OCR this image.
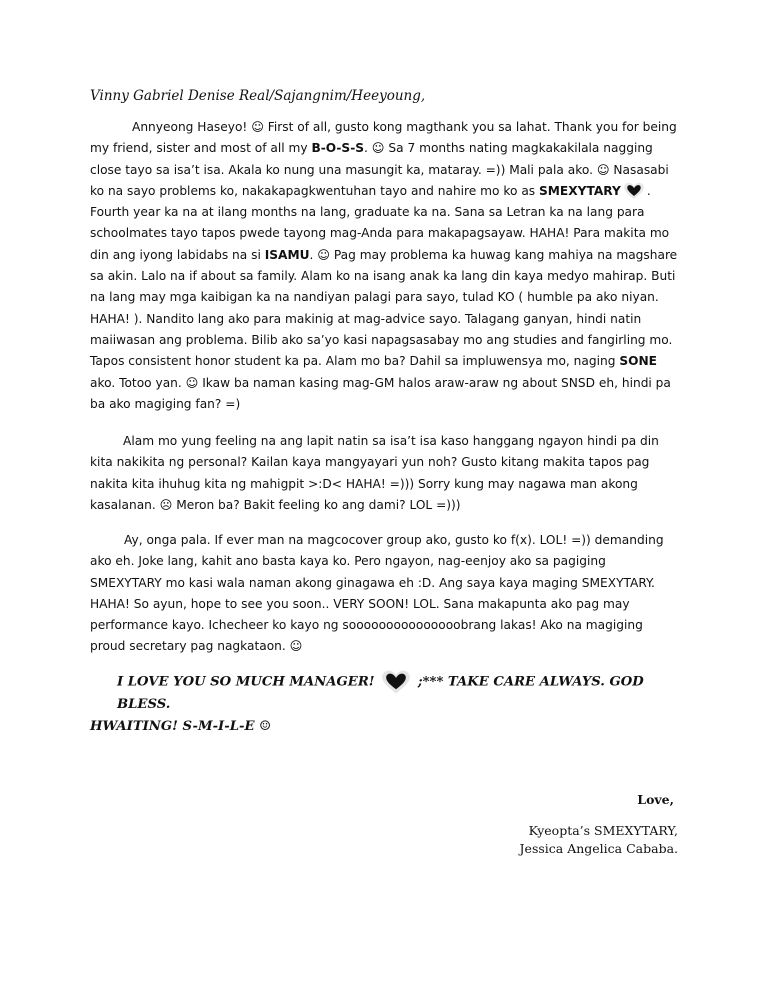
Vinny Gabriel Denise Real/Sajangnim/Heeyoung,

Annyeong Haseyo! ☺ First of all, gusto kong magthank you sa lahat. Thank you for being my friend, sister and most of all my B-O-S-S. ☺ Sa 7 months nating magkakakilala nagging close tayo sa isa’t isa. Akala ko nung una masungit ka, mataray. =)) Mali pala ako. ☺ Nasasabi ko na sayo problems ko, nakakapagkwentuhan tayo and nahire mo ko as SMEXYTARY . Fourth year ka na at ilang months na lang, graduate ka na. Sana sa Letran ka na lang para schoolmates tayo tapos pwede tayong mag-Anda para makapagsayaw. HAHA! Para makita mo din ang iyong labidabs na si ISAMU. ☺ Pag may problema ka huwag kang mahiya na magshare sa akin. Lalo na if about sa family. Alam ko na isang anak ka lang din kaya medyo mahirap. Buti na lang may mga kaibigan ka na nandiyan palagi para sayo, tulad KO ( humble pa ako niyan. HAHA! ). Nandito lang ako para makinig at mag-advice sayo. Talagang ganyan, hindi natin maiiwasan ang problema. Bilib ako sa’yo kasi napagsasabay mo ang studies and fangirling mo. Tapos consistent honor student ka pa. Alam mo ba? Dahil sa impluwensya mo, naging SONE ako. Totoo yan. ☺ Ikaw ba naman kasing mag-GM halos araw-araw ng about SNSD eh, hindi pa ba ako magiging fan? =)

Alam mo yung feeling na ang lapit natin sa isa’t isa kaso hanggang ngayon hindi pa din kita nakikita ng personal? Kailan kaya mangyayari yun noh? Gusto kitang makita tapos pag nakita kita ihuhug kita ng mahigpit >:D< HAHA! =))) Sorry kung may nagawa man akong kasalanan. ☹ Meron ba? Bakit feeling ko ang dami? LOL =)))

Ay, onga pala. If ever man na magcocover group ako, gusto ko f(x). LOL! =)) demanding ako eh. Joke lang, kahit ano basta kaya ko. Pero ngayon, nag-eenjoy ako sa pagiging SMEXYTARY mo kasi wala naman akong ginagawa eh :D. Ang saya kaya maging SMEXYTARY. HAHA! So ayun, hope to see you soon.. VERY SOON! LOL. Sana makapunta ako pag may performance kayo. Ichecheer ko kayo ng sooooooooooooooobrang lakas! Ako na magiging proud secretary pag nagkataon. ☺

I LOVE YOU SO MUCH MANAGER!	;*** TAKE CARE ALWAYS. GOD BLESS.
HWAITING! S-M-I-L-E ☺

Love,

Kyeopta’s SMEXYTARY,
Jessica Angelica Cababa.
